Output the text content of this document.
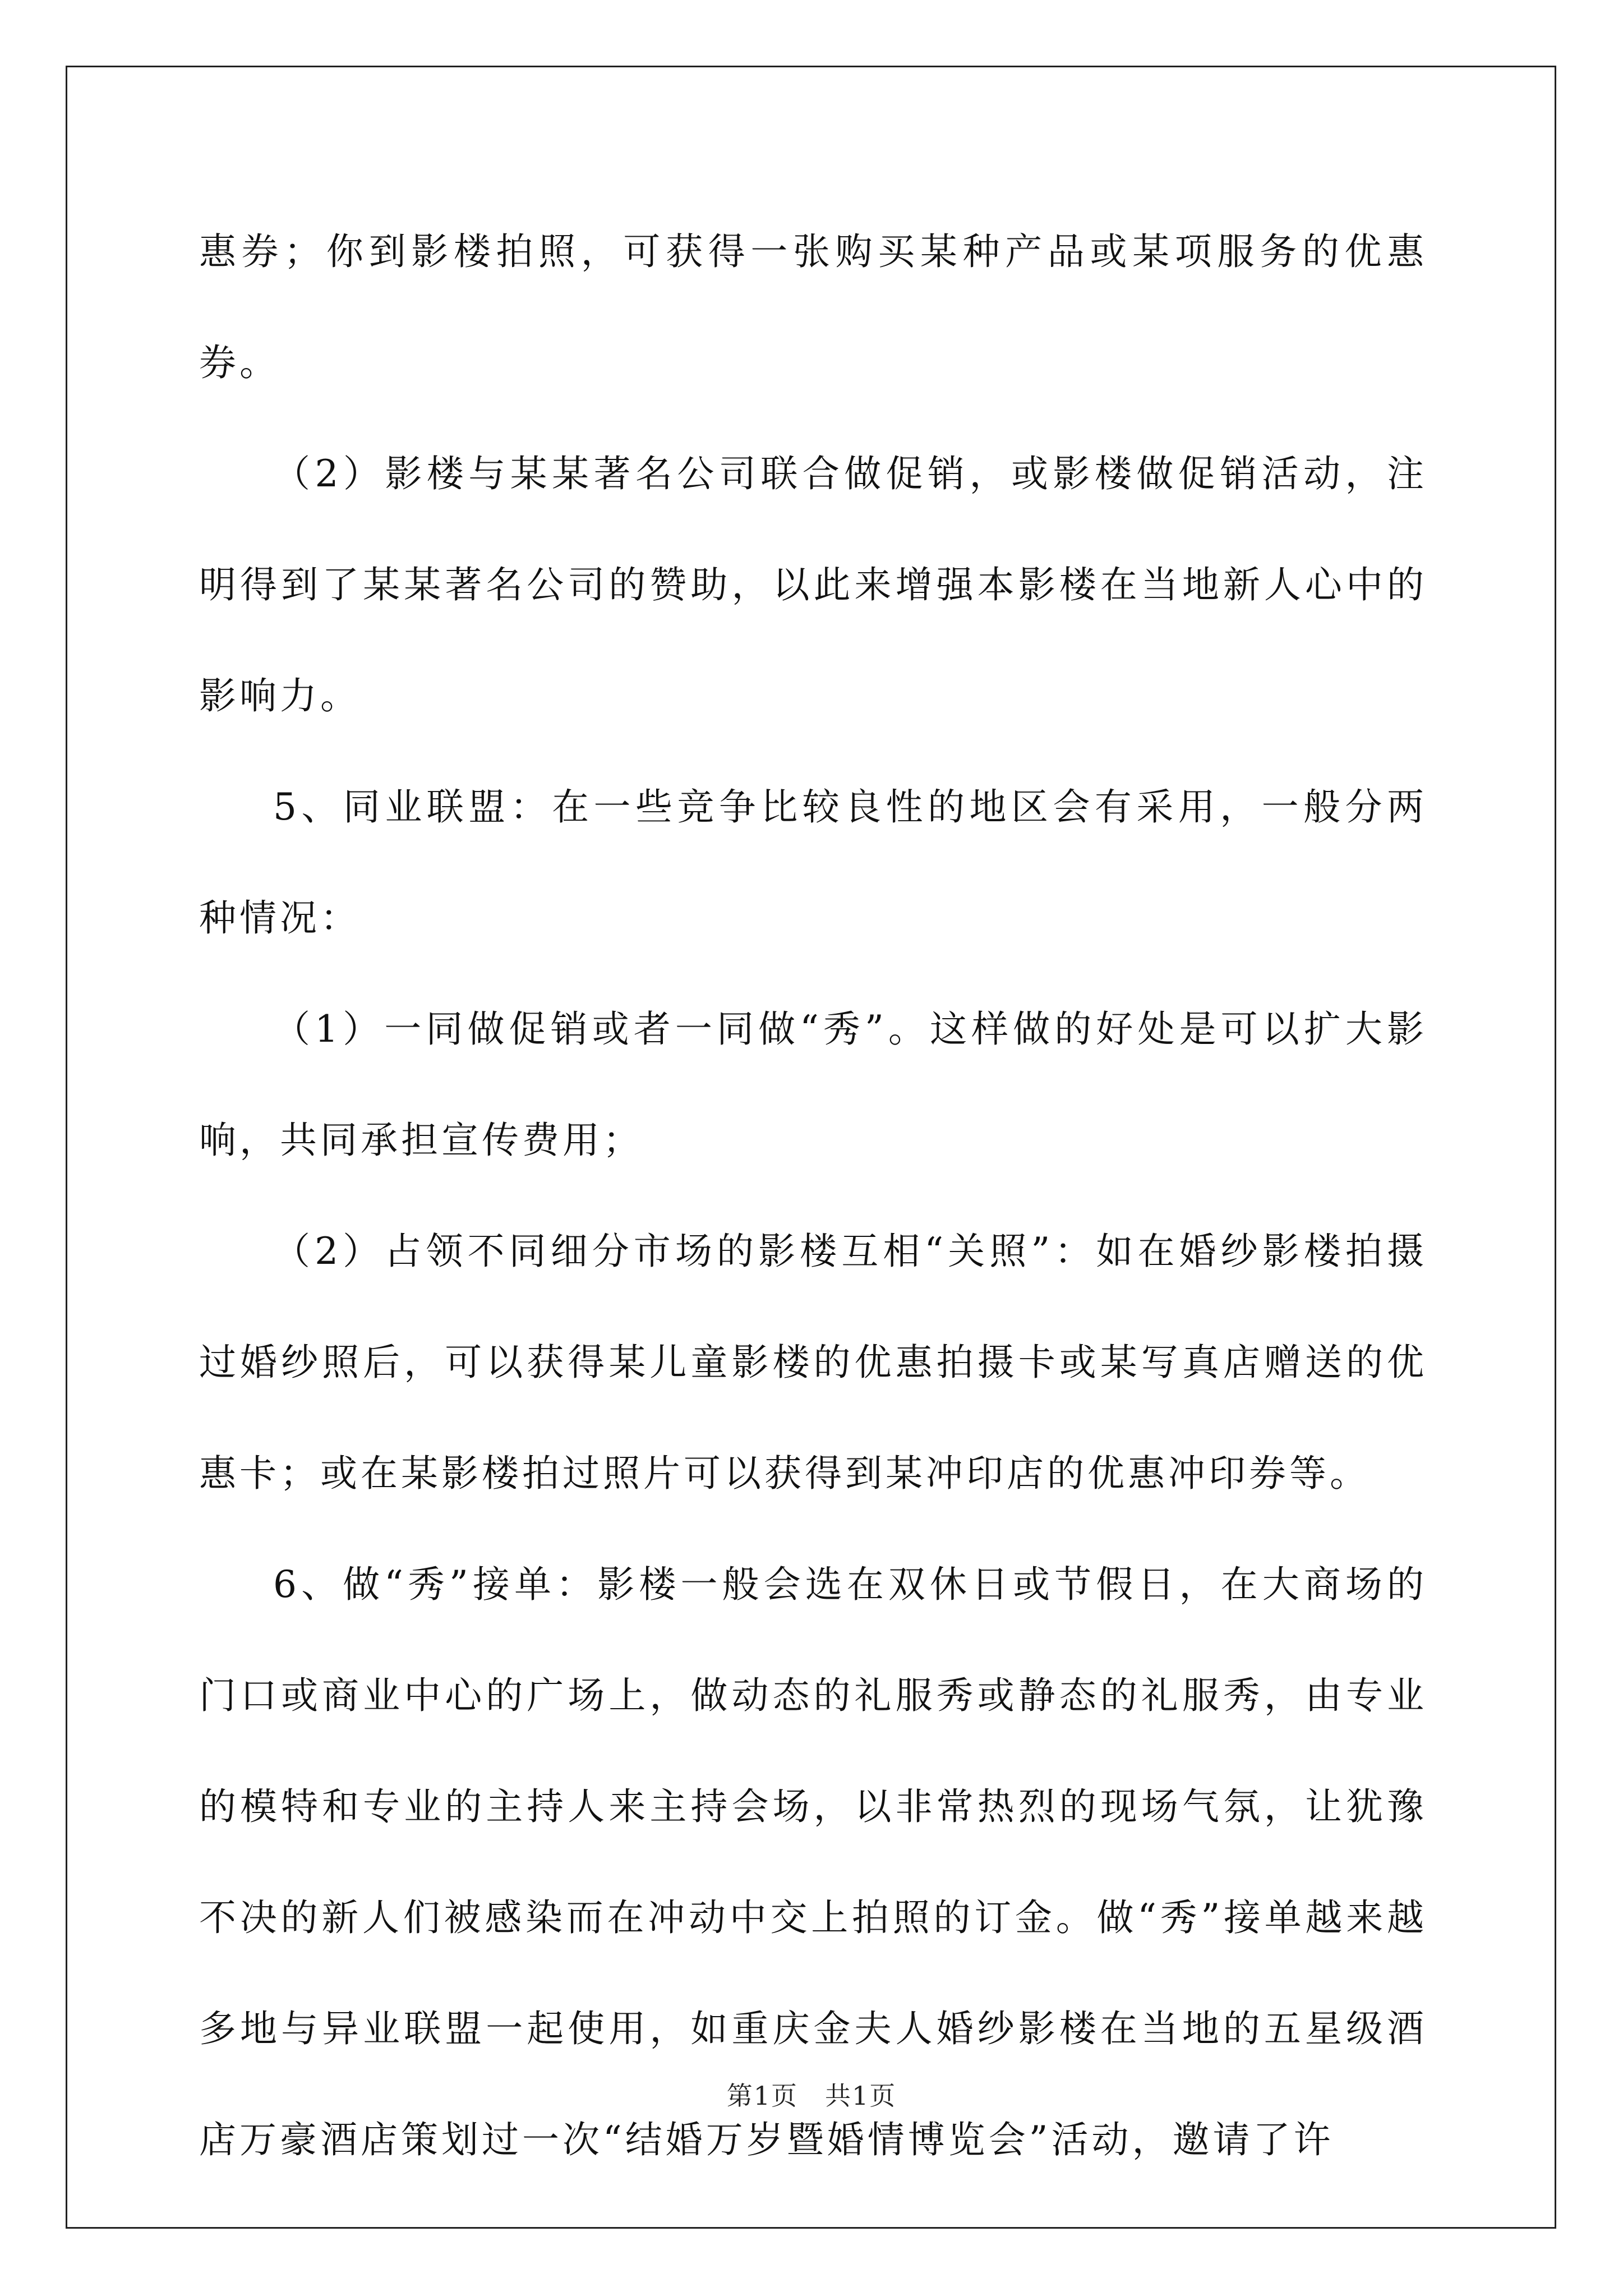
惠券；你到影楼拍照，可获得一张购买某种产品或某项服务的优惠券。

（2）影楼与某某著名公司联合做促销，或影楼做促销活动，注明得到了某某著名公司的赞助，以此来增强本影楼在当地新人心中的影响力。

5、同业联盟：在一些竞争比较良性的地区会有采用，一般分两种情况：

（1）一同做促销或者一同做“秀”。这样做的好处是可以扩大影响，共同承担宣传费用；

（2）占领不同细分市场的影楼互相“关照”：如在婚纱影楼拍摄过婚纱照后，可以获得某儿童影楼的优惠拍摄卡或某写真店赠送的优惠卡；或在某影楼拍过照片可以获得到某冲印店的优惠冲印券等。

6、做“秀”接单：影楼一般会选在双休日或节假日，在大商场的门口或商业中心的广场上，做动态的礼服秀或静态的礼服秀，由专业的模特和专业的主持人来主持会场，以非常热烈的现场气氛，让犹豫不决的新人们被感染而在冲动中交上拍照的订金。做“秀”接单越来越多地与异业联盟一起使用，如重庆金夫人婚纱影楼在当地的五星级酒店万豪酒店策划过一次“结婚万岁暨婚情博览会”活动，邀请了许

第1页　共1页
